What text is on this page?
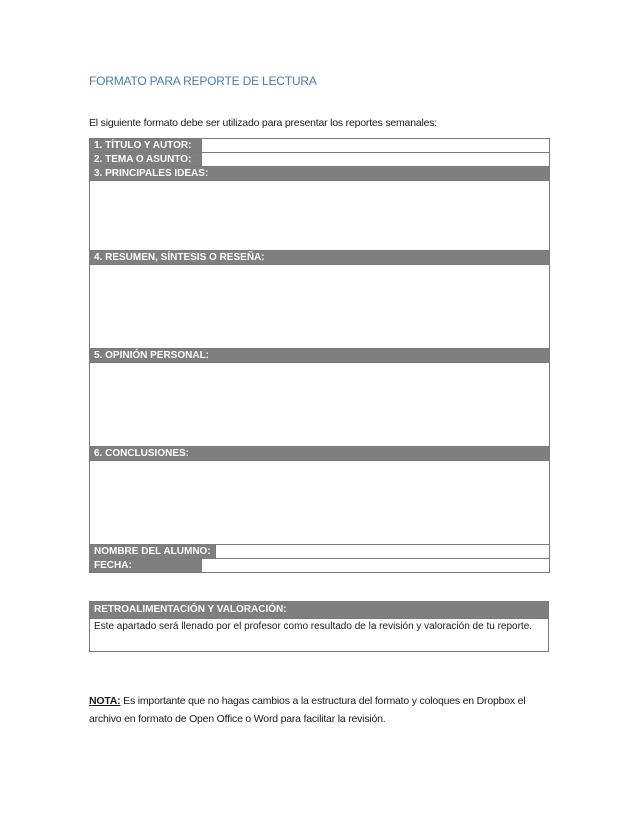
FORMATO PARA REPORTE DE LECTURA
El siguiente formato debe ser utilizado para presentar los reportes semanales:
1. TÍTULO Y AUTOR:		
2. TEMA O ASUNTO:		
3. PRINCIPALES IDEAS:		

4. RESUMEN, SÍNTESIS O RESEÑA:		

5. OPINIÓN PERSONAL:		

6. CONCLUSIONES:		

NOMBRE DEL ALUMNO:		
FECHA:		
RETROALIMENTACIÓN Y VALORACIÓN:
Este apartado será llenado por el profesor como resultado de la revisión y valoración de tu reporte.
NOTA: Es importante que no hagas cambios a la estructura del formato y coloques en Dropbox el archivo en formato de Open Office o Word para facilitar la revisión.
